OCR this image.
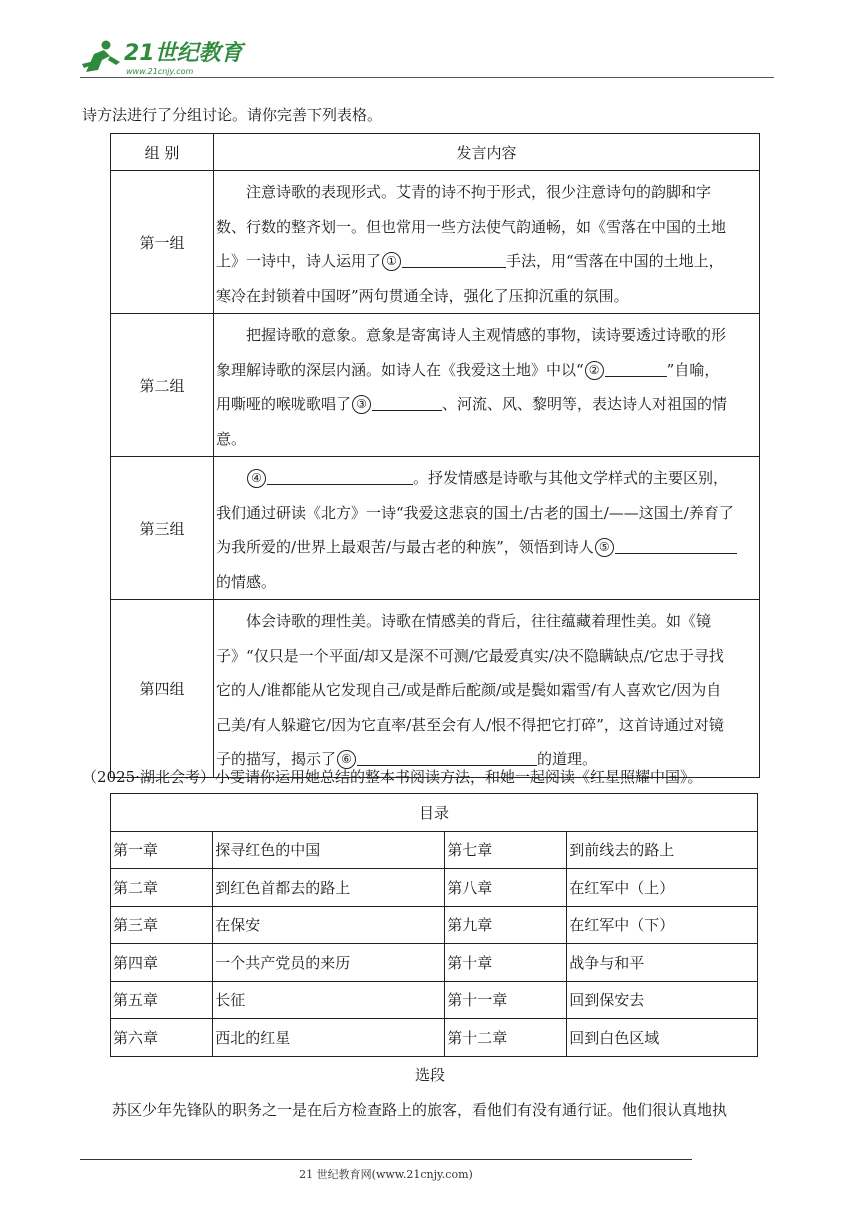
21世纪教育
www.21cnjy.com
诗方法进行了分组讨论。请你完善下列表格。
组 别	发言内容
第一组	注意诗歌的表现形式。艾青的诗不拘于形式，很少注意诗句的韵脚和字
数、行数的整齐划一。但也常用一些方法使气韵通畅，如《雪落在中国的土地
上》一诗中，诗人运用了 ① 手法，用“雪落在中国的土地上，
寒冷在封锁着中国呀”两句贯通全诗，强化了压抑沉重的氛围。

第二组	把握诗歌的意象。意象是寄寓诗人主观情感的事物，读诗要透过诗歌的形
象理解诗歌的深层内涵。如诗人在《我爱这土地》中以“ ② ”自喻，
用嘶哑的喉咙歌唱了 ③ 、河流、风、黎明等，表达诗人对祖国的情
意。

第三组	④ 。抒发情感是诗歌与其他文学样式的主要区别，
我们通过研读《北方》一诗“我爱这悲哀的国土/古老的国土/——这国土/养育了
为我所爱的/世界上最艰苦/与最古老的种族”，领悟到诗人 ⑤
的情感。

第四组	体会诗歌的理性美。诗歌在情感美的背后，往往蕴藏着理性美。如《镜
子》“仅只是一个平面/却又是深不可测/它最爱真实/决不隐瞒缺点/它忠于寻找
它的人/谁都能从它发现自己/或是酢后酡颜/或是鬓如霜雪/有人喜欢它/因为自
己美/有人躲避它/因为它直率/甚至会有人/恨不得把它打碎”，这首诗通过对镜
子的描写，揭示了 ⑥ 的道理。
（2025·湖北会考）小雯请你运用她总结的整本书阅读方法，和她一起阅读《红星照耀中国》。
目录			
第一章	探寻红色的中国	第七章	到前线去的路上
第二章	到红色首都去的路上	第八章	在红军中（上）
第三章	在保安	第九章	在红军中（下）
第四章	一个共产党员的来历	第十章	战争与和平
第五章	长征	第十一章	回到保安去
第六章	西北的红星	第十二章	回到白色区域
选段
苏区少年先锋队的职务之一是在后方检查路上的旅客，看他们有没有通行证。他们很认真地执
21 世纪教育网(www.21cnjy.com)
